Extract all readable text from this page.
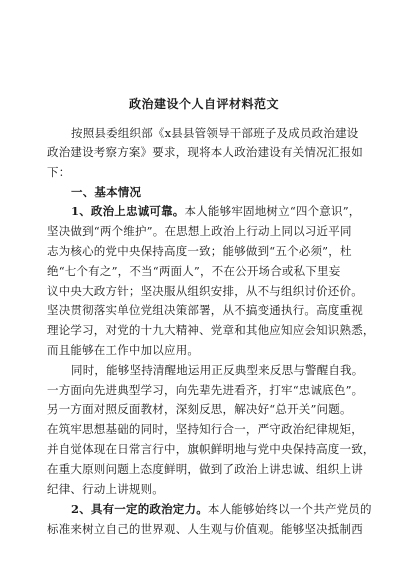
政治建设个人自评材料范文
按照县委组织部《x县县管领导干部班子及成员政治建设
政治建设考察方案》要求，现将本人政治建设有关情况汇报如
下：
一、基本情况
1、政治上忠诚可靠。本人能够牢固地树立“四个意识”，
坚决做到“两个维护”。在思想上政治上行动上同以习近平同
志为核心的党中央保持高度一致；能够做到“五个必须”，杜
绝“七个有之”，不当“两面人”，不在公开场合或私下里妄
议中央大政方针；坚决服从组织安排，从不与组织讨价还价。
坚决贯彻落实单位党组决策部署，从不搞变通执行。高度重视
理论学习，对党的十九大精神、党章和其他应知应会知识熟悉，
而且能够在工作中加以应用。
同时，能够坚持清醒地运用正反典型来反思与警醒自我。
一方面向先进典型学习，向先辈先进看齐，打牢“忠诚底色”。
另一方面对照反面教材，深刻反思，解决好“总开关”问题。
在筑牢思想基础的同时，坚持知行合一，严守政治纪律规矩，
并自觉体现在日常言行中，旗帜鲜明地与党中央保持高度一致，
在重大原则问题上态度鲜明，做到了政治上讲忠诚、组织上讲
纪律、行动上讲规则。
2、具有一定的政治定力。本人能够始终以一个共产党员的
标准来树立自己的世界观、人生观与价值观。能够坚决抵制西
